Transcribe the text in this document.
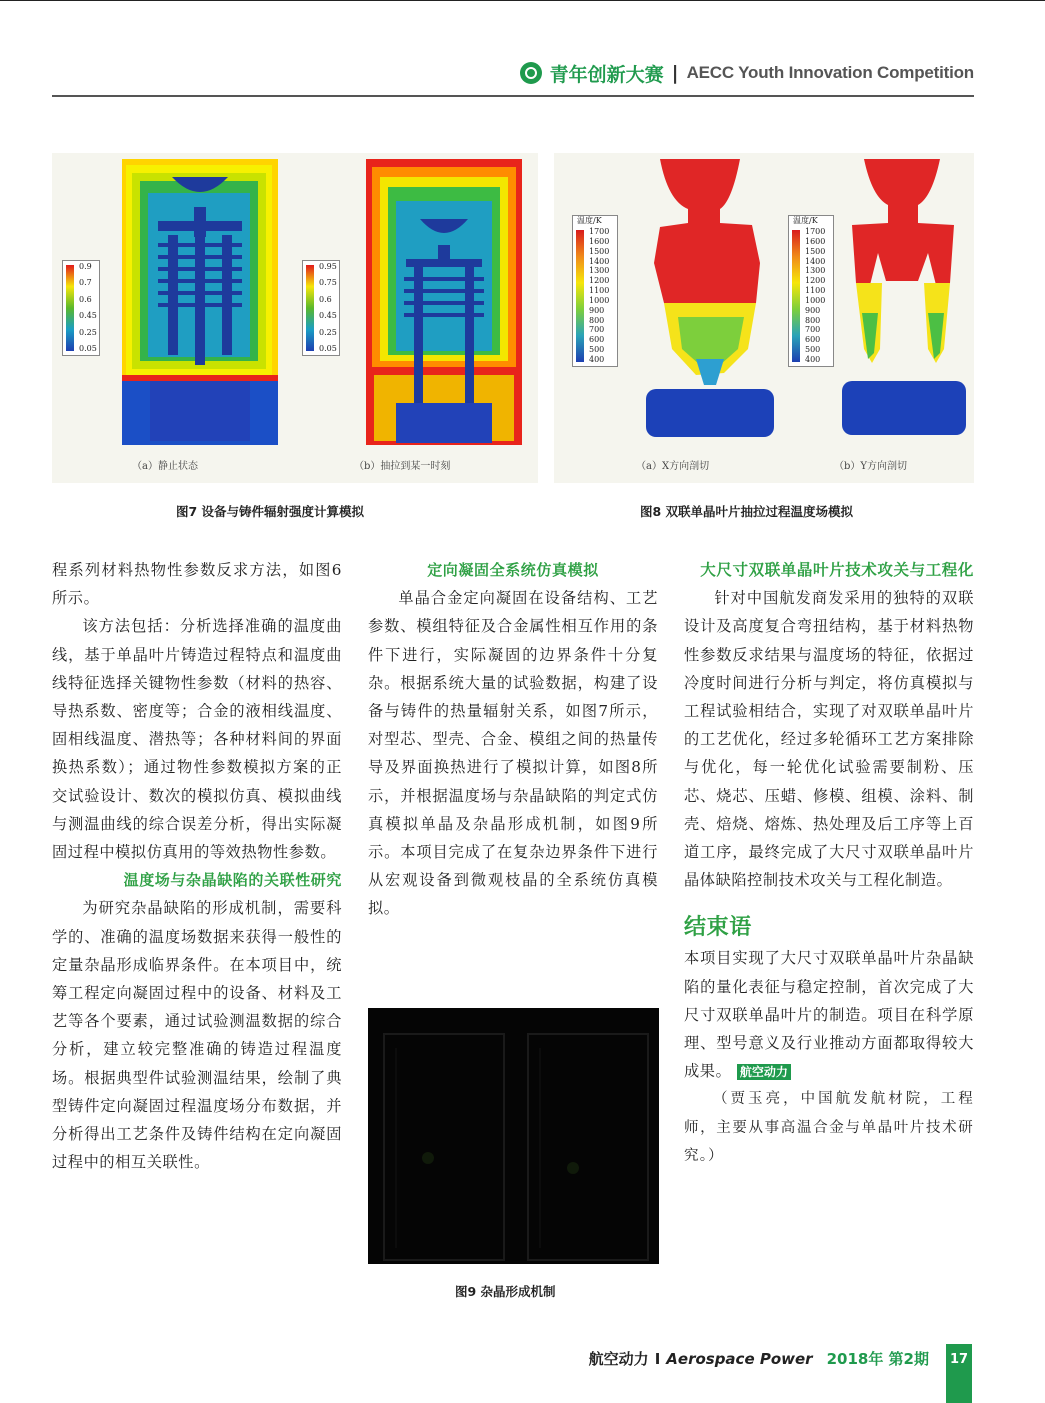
青年创新大赛 | AECC Youth Innovation Competition
0.9
0.7
0.6
0.45
0.25
0.05
0.95
0.75
0.6
0.45
0.25
0.05
（a）静止状态	（b）抽拉到某一时刻
图7 设备与铸件辐射强度计算模拟
温度/K
1700
1600
1500
1400
1300
1200
1100
1000
900
800
700
600
500
400
温度/K
1700
1600
1500
1400
1300
1200
1100
1000
900
800
700
600
500
400
（a）X方向剖切	（b）Y方向剖切
图8 双联单晶叶片抽拉过程温度场模拟

程系列材料热物性参数反求方法，如图6所示。

该方法包括：分析选择准确的温度曲线，基于单晶叶片铸造过程特点和温度曲线特征选择关键物性参数（材料的热容、导热系数、密度等；合金的液相线温度、固相线温度、潜热等；各种材料间的界面换热系数）；通过物性参数模拟方案的正交试验设计、数次的模拟仿真、模拟曲线与测温曲线的综合误差分析，得出实际凝固过程中模拟仿真用的等效热物性参数。

温度场与杂晶缺陷的关联性研究

为研究杂晶缺陷的形成机制，需要科学的、准确的温度场数据来获得一般性的定量杂晶形成临界条件。在本项目中，统筹工程定向凝固过程中的设备、材料及工艺等各个要素，通过试验测温数据的综合分析，建立较完整准确的铸造过程温度场。根据典型件试验测温结果，绘制了典型铸件定向凝固过程温度场分布数据，并分析得出工艺条件及铸件结构在定向凝固过程中的相互关联性。

定向凝固全系统仿真模拟

单晶合金定向凝固在设备结构、工艺参数、模组特征及合金属性相互作用的条件下进行，实际凝固的边界条件十分复杂。根据系统大量的试验数据，构建了设备与铸件的热量辐射关系，如图7所示，对型芯、型壳、合金、模组之间的热量传导及界面换热进行了模拟计算，如图8所示，并根据温度场与杂晶缺陷的判定式仿真模拟单晶及杂晶形成机制，如图9所示。本项目完成了在复杂边界条件下进行从宏观设备到微观枝晶的全系统仿真模拟。

图9 杂晶形成机制

大尺寸双联单晶叶片技术攻关与工程化

针对中国航发商发采用的独特的双联设计及高度复合弯扭结构，基于材料热物性参数反求结果与温度场的特征，依据过冷度时间进行分析与判定，将仿真模拟与工程试验相结合，实现了对双联单晶叶片的工艺优化，经过多轮循环工艺方案排除与优化，每一轮优化试验需要制粉、压芯、烧芯、压蜡、修模、组模、涂料、制壳、焙烧、熔炼、热处理及后工序等上百道工序，最终完成了大尺寸双联单晶叶片晶体缺陷控制技术攻关与工程化制造。

结束语

本项目实现了大尺寸双联单晶叶片杂晶缺陷的量化表征与稳定控制，首次完成了大尺寸双联单晶叶片的制造。项目在科学原理、型号意义及行业推动方面都取得较大成果。 航空动力

（贾玉亮，中国航发航材院，工程师，主要从事高温合金与单晶叶片技术研究。）

航空动力 I Aerospace Power 2018年 第2期	17
